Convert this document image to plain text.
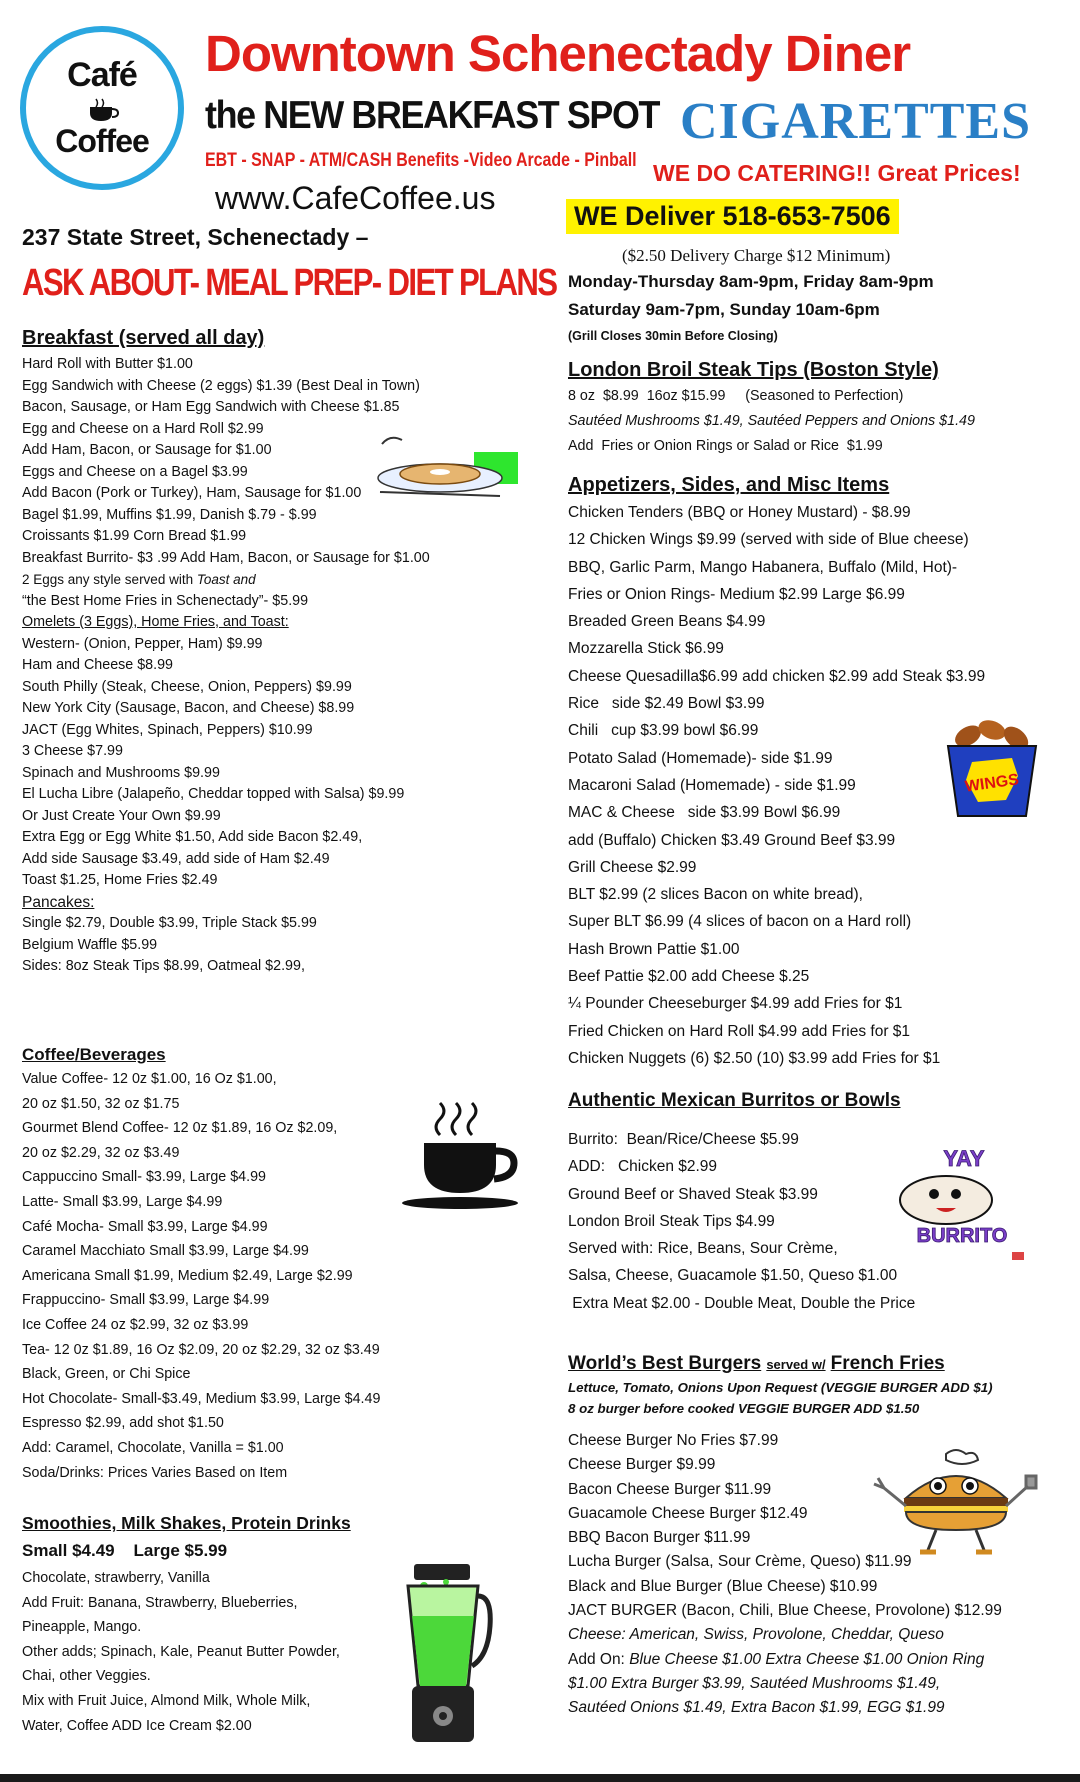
Café
Coffee
Downtown Schenectady Diner
the NEW BREAKFAST SPOT CIGARETTES
EBT - SNAP - ATM/CASH Benefits -Video Arcade - Pinball WE DO CATERING!! Great Prices!
www.CafeCoffee.us
237 State Street, Schenectady –
ASK ABOUT- MEAL PREP- DIET PLANS
WE Deliver 518-653-7506
($2.50 Delivery Charge $12 Minimum)
Monday-Thursday 8am-9pm, Friday 8am-9pm
Saturday 9am-7pm, Sunday 10am-6pm
(Grill Closes 30min Before Closing)
Breakfast (served all day)
Hard Roll with Butter $1.00
Egg Sandwich with Cheese (2 eggs) $1.39 (Best Deal in Town)
Bacon, Sausage, or Ham Egg Sandwich with Cheese $1.85
Egg and Cheese on a Hard Roll $2.99
Add Ham, Bacon, or Sausage for $1.00
Eggs and Cheese on a Bagel $3.99
Add Bacon (Pork or Turkey), Ham, Sausage for $1.00
Bagel $1.99, Muffins $1.99, Danish $.79 - $.99
Croissants $1.99 Corn Bread $1.99
Breakfast Burrito- $3 .99 Add Ham, Bacon, or Sausage for $1.00
2 Eggs any style served with Toast and
“the Best Home Fries in Schenectady”- $5.99
Omelets (3 Eggs), Home Fries, and Toast:
Western- (Onion, Pepper, Ham) $9.99
Ham and Cheese $8.99
South Philly (Steak, Cheese, Onion, Peppers) $9.99
New York City (Sausage, Bacon, and Cheese) $8.99
JACT (Egg Whites, Spinach, Peppers) $10.99
3 Cheese $7.99
Spinach and Mushrooms $9.99
El Lucha Libre (Jalapeño, Cheddar topped with Salsa) $9.99
Or Just Create Your Own $9.99
Extra Egg or Egg White $1.50, Add side Bacon $2.49,
Add side Sausage $3.49, add side of Ham $2.49
Toast $1.25, Home Fries $2.49
Pancakes:
Single $2.79, Double $3.99, Triple Stack $5.99
Belgium Waffle $5.99
Sides: 8oz Steak Tips $8.99, Oatmeal $2.99,
Coffee/Beverages
Value Coffee- 12 0z $1.00, 16 Oz $1.00,
20 oz $1.50, 32 oz $1.75
Gourmet Blend Coffee- 12 0z $1.89, 16 Oz $2.09,
20 oz $2.29, 32 oz $3.49
Cappuccino Small- $3.99, Large $4.99
Latte- Small $3.99, Large $4.99
Café Mocha- Small $3.99, Large $4.99
Caramel Macchiato Small $3.99, Large $4.99
Americana Small $1.99, Medium $2.49, Large $2.99
Frappuccino- Small $3.99, Large $4.99
Ice Coffee 24 oz $2.99, 32 oz $3.99
Tea- 12 0z $1.89, 16 Oz $2.09, 20 oz $2.29, 32 oz $3.49
Black, Green, or Chi Spice
Hot Chocolate- Small-$3.49, Medium $3.99, Large $4.49
Espresso $2.99, add shot $1.50
Add: Caramel, Chocolate, Vanilla = $1.00
Soda/Drinks: Prices Varies Based on Item
Smoothies, Milk Shakes, Protein Drinks
Small $4.49    Large $5.99
Chocolate, strawberry, Vanilla
Add Fruit: Banana, Strawberry, Blueberries,
Pineapple, Mango.
Other adds; Spinach, Kale, Peanut Butter Powder,
Chai, other Veggies.
Mix with Fruit Juice, Almond Milk, Whole Milk,
Water, Coffee ADD Ice Cream $2.00
London Broil Steak Tips (Boston Style)
8 oz  $8.99  16oz $15.99     (Seasoned to Perfection)
Sautéed Mushrooms $1.49, Sautéed Peppers and Onions $1.49
Add  Fries or Onion Rings or Salad or Rice  $1.99
Appetizers, Sides, and Misc Items
Chicken Tenders (BBQ or Honey Mustard) - $8.99
12 Chicken Wings $9.99 (served with side of Blue cheese)
BBQ, Garlic Parm, Mango Habanera, Buffalo (Mild, Hot)-
Fries or Onion Rings- Medium $2.99 Large $6.99
Breaded Green Beans $4.99
Mozzarella Stick $6.99
Cheese Quesadilla$6.99 add chicken $2.99 add Steak $3.99
Rice   side $2.49 Bowl $3.99
Chili   cup $3.99 bowl $6.99
Potato Salad (Homemade)- side $1.99
Macaroni Salad (Homemade) - side $1.99
MAC & Cheese   side $3.99 Bowl $6.99
add (Buffalo) Chicken $3.49 Ground Beef $3.99
Grill Cheese $2.99
BLT $2.99 (2 slices Bacon on white bread),
Super BLT $6.99 (4 slices of bacon on a Hard roll)
Hash Brown Pattie $1.00
Beef Pattie $2.00 add Cheese $.25
¼ Pounder Cheeseburger $4.99 add Fries for $1
Fried Chicken on Hard Roll $4.99 add Fries for $1
Chicken Nuggets (6) $2.50 (10) $3.99 add Fries for $1
WINGS
Authentic Mexican Burritos or Bowls
Burrito:  Bean/Rice/Cheese $5.99
ADD:   Chicken $2.99
Ground Beef or Shaved Steak $3.99
London Broil Steak Tips $4.99
Served with: Rice, Beans, Sour Crème,
Salsa, Cheese, Guacamole $1.50, Queso $1.00
Extra Meat $2.00 - Double Meat, Double the Price
YAY
BURRITO
World’s Best Burgers served w/ French Fries
Lettuce, Tomato, Onions Upon Request (VEGGIE BURGER ADD $1)
8 oz burger before cooked VEGGIE BURGER ADD $1.50
Cheese Burger No Fries $7.99
Cheese Burger $9.99
Bacon Cheese Burger $11.99
Guacamole Cheese Burger $12.49
BBQ Bacon Burger $11.99
Lucha Burger (Salsa, Sour Crème, Queso) $11.99
Black and Blue Burger (Blue Cheese) $10.99
JACT BURGER (Bacon, Chili, Blue Cheese, Provolone) $12.99
Cheese: American, Swiss, Provolone, Cheddar, Queso
Add On: Blue Cheese $1.00 Extra Cheese $1.00 Onion Ring
$1.00 Extra Burger $3.99, Sautéed Mushrooms $1.49,
Sautéed Onions $1.49, Extra Bacon $1.99, EGG $1.99
